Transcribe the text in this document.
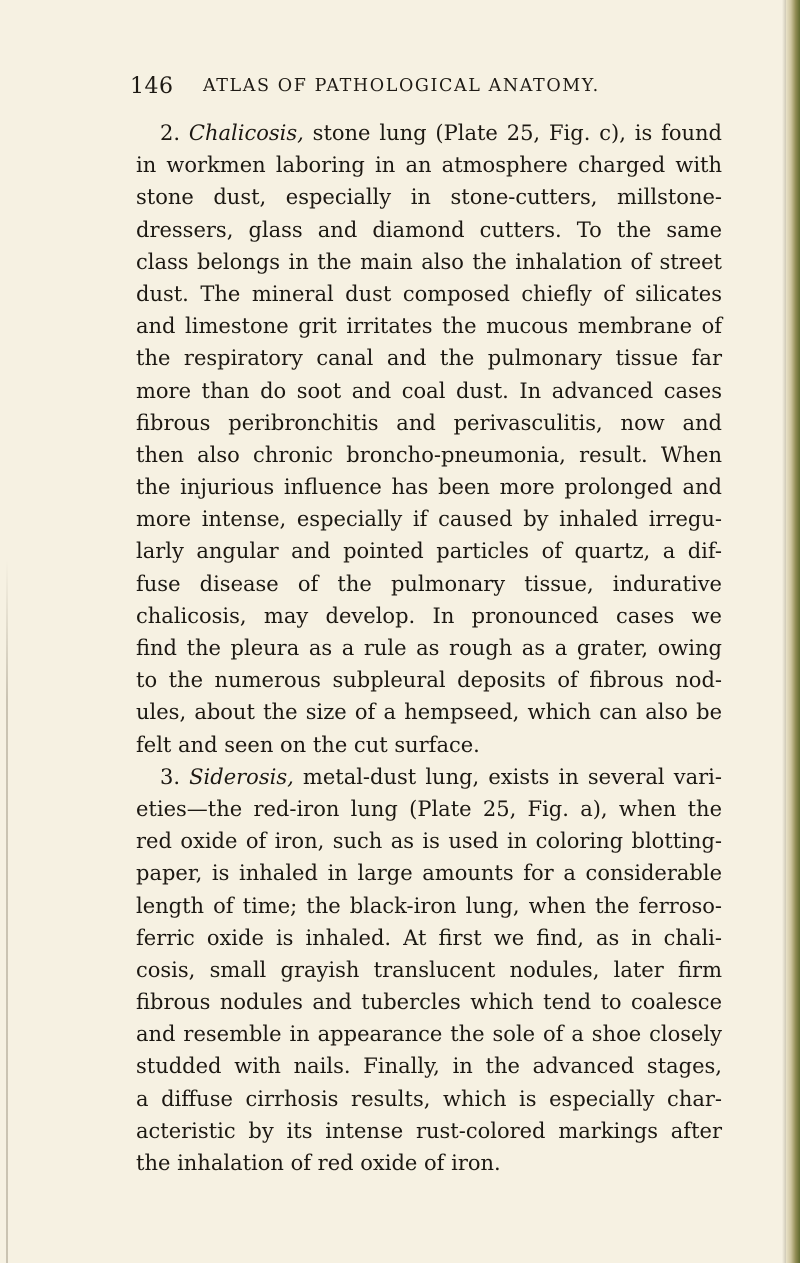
146 ATLAS OF PATHOLOGICAL ANATOMY.
2. Chalicosis, stone lung (Plate 25, Fig. c), is found
in workmen laboring in an atmosphere charged with
stone dust, especially in stone-cutters, millstone-
dressers, glass and diamond cutters. To the same
class belongs in the main also the inhalation of street
dust. The mineral dust composed chiefly of silicates
and limestone grit irritates the mucous membrane of
the respiratory canal and the pulmonary tissue far
more than do soot and coal dust. In advanced cases
fibrous peribronchitis and perivasculitis, now and
then also chronic broncho-pneumonia, result. When
the injurious influence has been more prolonged and
more intense, especially if caused by inhaled irregu-
larly angular and pointed particles of quartz, a dif-
fuse disease of the pulmonary tissue, indurative
chalicosis, may develop. In pronounced cases we
find the pleura as a rule as rough as a grater, owing
to the numerous subpleural deposits of fibrous nod-
ules, about the size of a hempseed, which can also be
felt and seen on the cut surface.
3. Siderosis, metal-dust lung, exists in several vari-
eties—the red-iron lung (Plate 25, Fig. a), when the
red oxide of iron, such as is used in coloring blotting-
paper, is inhaled in large amounts for a considerable
length of time; the black-iron lung, when the ferroso-
ferric oxide is inhaled. At first we find, as in chali-
cosis, small grayish translucent nodules, later firm
fibrous nodules and tubercles which tend to coalesce
and resemble in appearance the sole of a shoe closely
studded with nails. Finally, in the advanced stages,
a diffuse cirrhosis results, which is especially char-
acteristic by its intense rust-colored markings after
the inhalation of red oxide of iron.
